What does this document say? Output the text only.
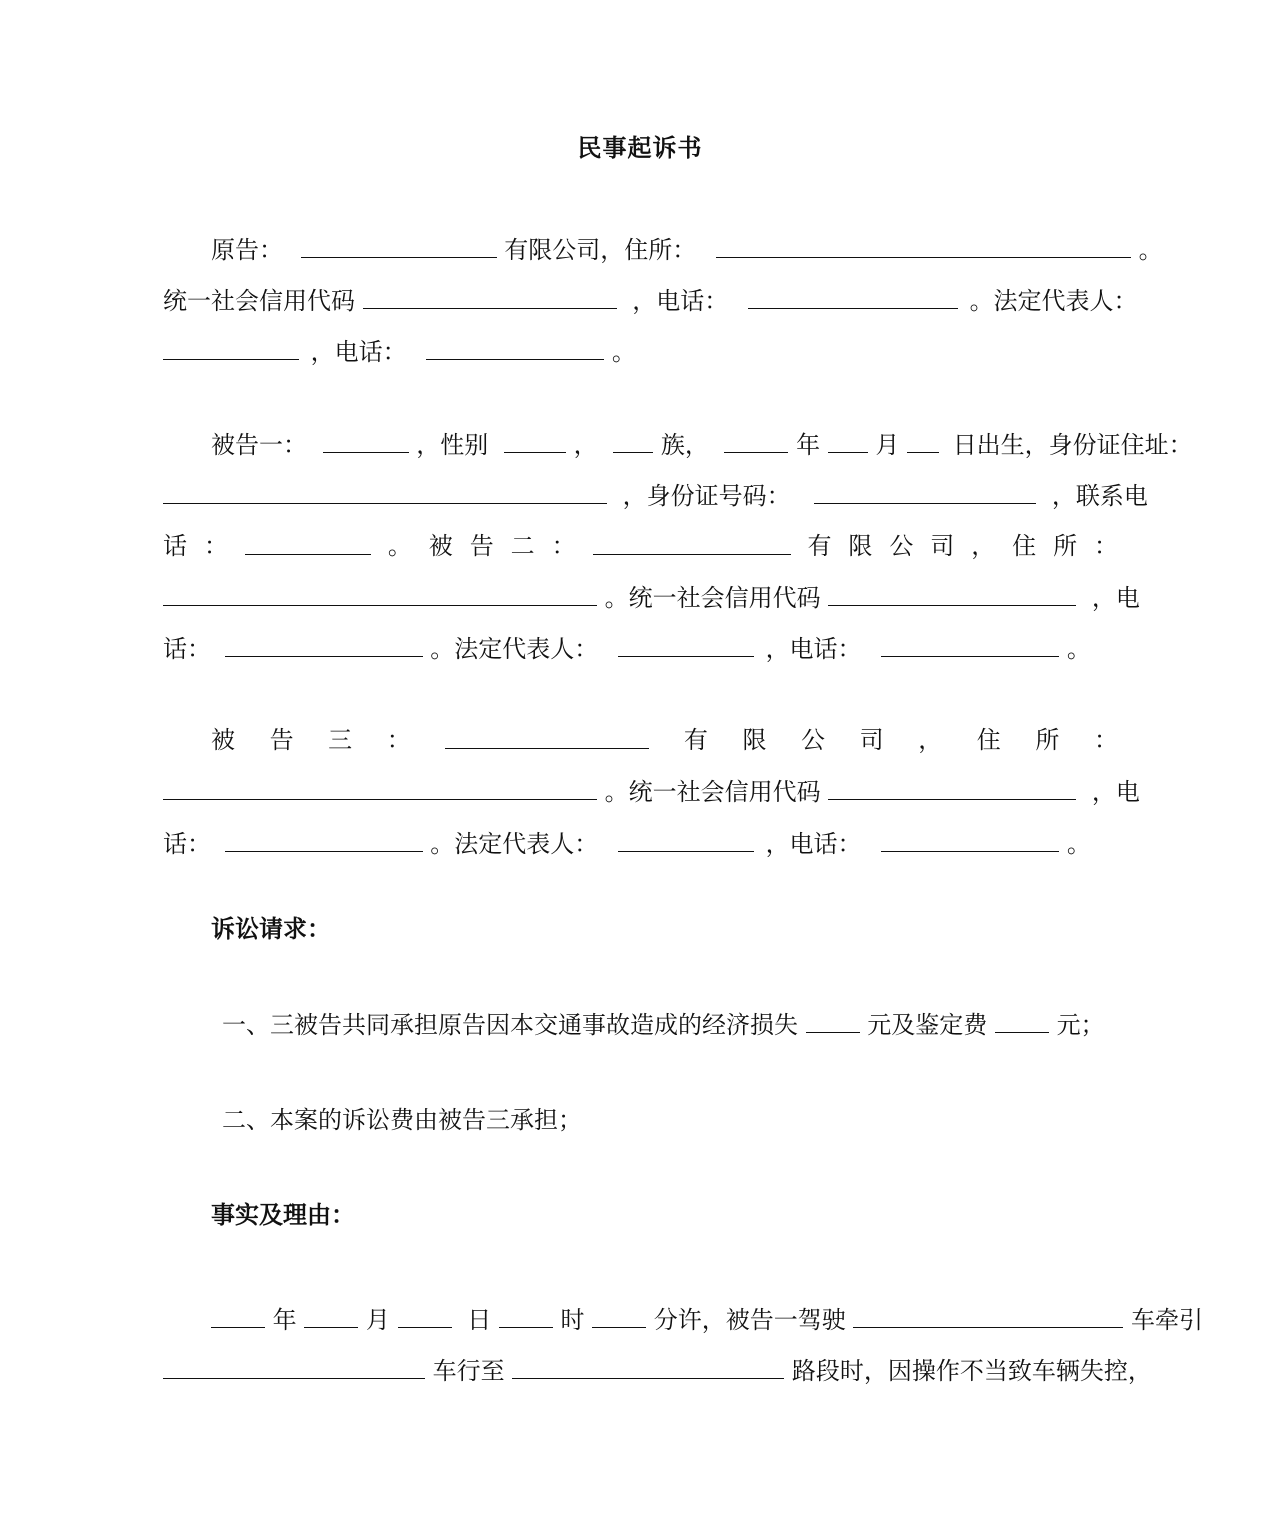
民事起诉书
原告：	有限公司，住所：	。
统一社会信用代码	，电话：	。法定代表人：
，电话：	。
被告一：	，性别	，	族，	年 月 日出生，身份证住址：
，身份证号码：	，联系电
话 ：	。 被 告 二 ：	有 限 公 司 ， 住 所 ：
。统一社会信用代码	，电
话：	。法定代表人：	，电话：	。
被 告 三 ：	有 限 公 司 ， 住 所 ：
。统一社会信用代码	，电
话：	。法定代表人：	，电话：	。
诉讼请求：
一、三被告共同承担原告因本交通事故造成的经济损失	元及鉴定费	元；
二、本案的诉讼费由被告三承担；
事实及理由：
年	月	日	时	分许，被告一驾驶	车牵引
车行至	路段时，因操作不当致车辆失控，
